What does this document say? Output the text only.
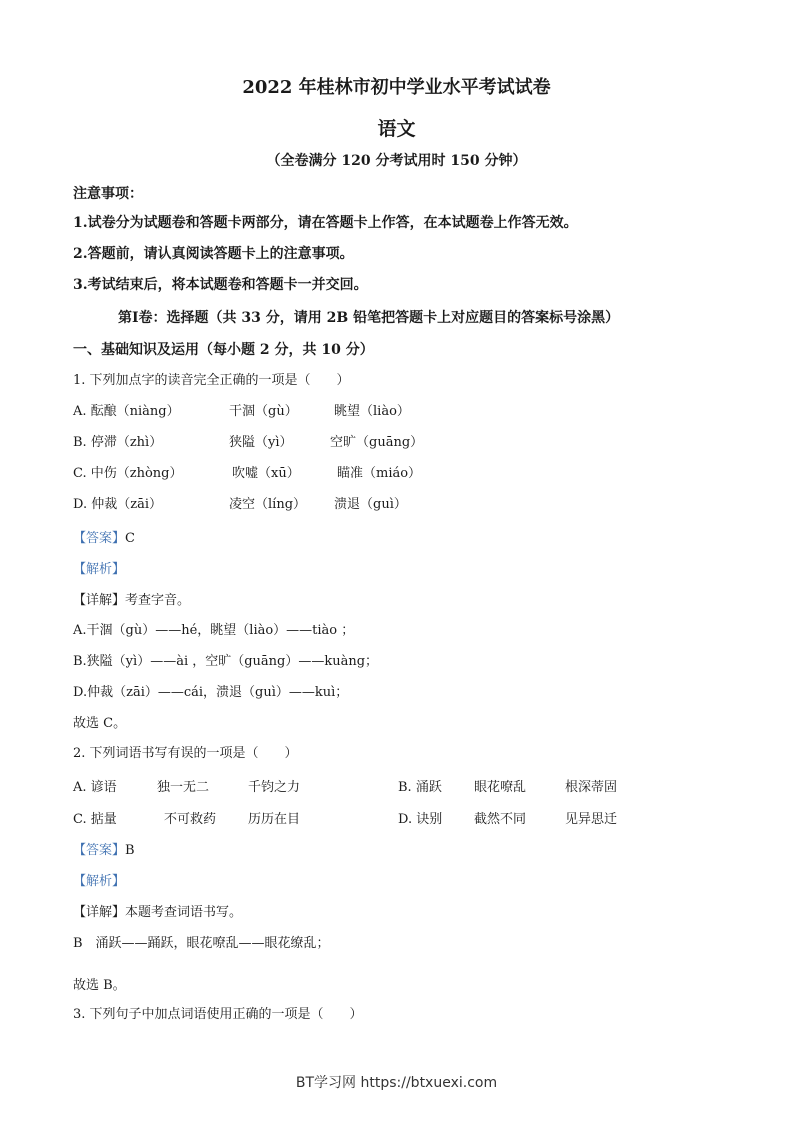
2022 年桂林市初中学业水平考试试卷
语文
（全卷满分 120 分考试用时 150 分钟）
注意事项：
1.试卷分为试题卷和答题卡两部分，请在答题卡上作答，在本试题卷上作答无效。
2.答题前，请认真阅读答题卡上的注意事项。
3.考试结束后，将本试题卷和答题卡一并交回。
第Ⅰ卷：选择题（共 33 分，请用 2B 铅笔把答题卡上对应题目的答案标号涂黑）
一、基础知识及运用（每小题 2 分，共 10 分）
1. 下列加点字的读音完全正确的一项是（　　）
A. 酝酿（niàng）	干涸（gù）	眺望（liào）
B. 停滞（zhì）	狭隘（yì）	空旷（guāng）
C. 中伤（zhòng）	吹嘘（xū）	瞄准（miáo）
D. 仲裁（zāi）	凌空（líng） 溃退（guì）
【答案】C
【解析】
【详解】考查字音。
A.干涸（gù）——hé，眺望（liào）——tiào ；
B.狭隘（yì）——ài ，空旷（guāng）——kuàng；
D.仲裁（zāi）——cái，溃退（guì）——kuì；
故选 C。
2. 下列词语书写有误的一项是（　　）
A. 谚语	独一无二	千钧之力	B. 涌跃 眼花嘹乱	根深蒂固
C. 掂量	不可救药 历历在目	D. 诀别 截然不同	见异思迁
【答案】B
【解析】
【详解】本题考查词语书写。
B　涌跃——踊跃，眼花嘹乱——眼花缭乱；
故选 B。
3. 下列句子中加点词语使用正确的一项是（　　）
BT学习网 https://btxuexi.com
